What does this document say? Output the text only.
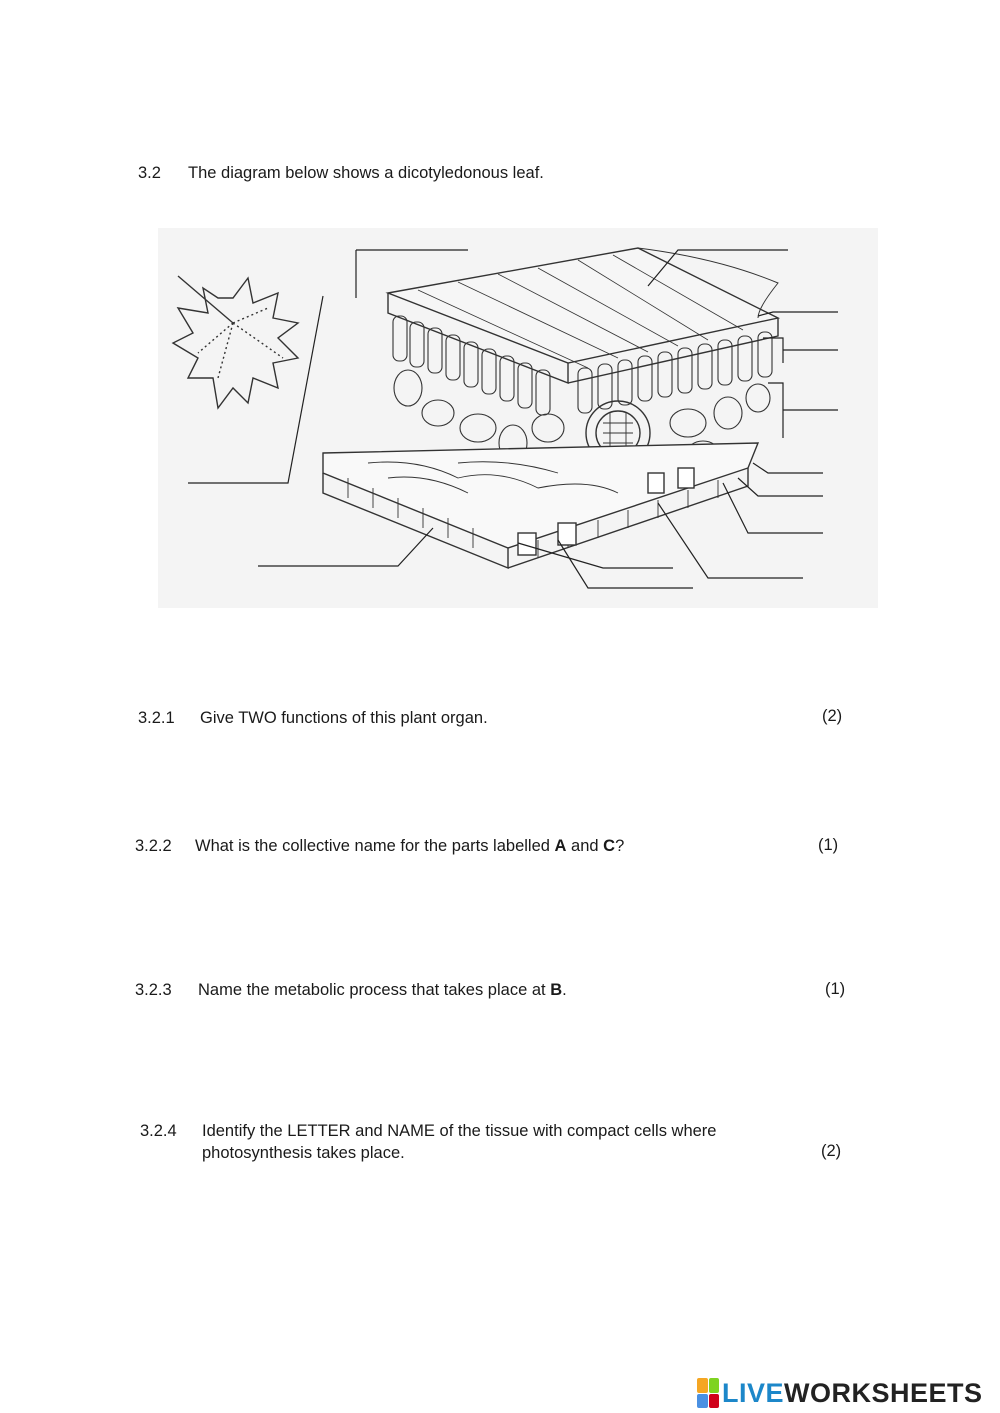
3.2 The diagram below shows a dicotyledonous leaf.
3.2.1 Give TWO functions of this plant organ.	(2)
3.2.2 What is the collective name for the parts labelled A and C?	(1)
3.2.3 Name the metabolic process that takes place at B.	(1)
3.2.4 Identify the LETTER and NAME of the tissue with compact cells where
photosynthesis takes place.	(2)
LIVEWORKSHEETS
